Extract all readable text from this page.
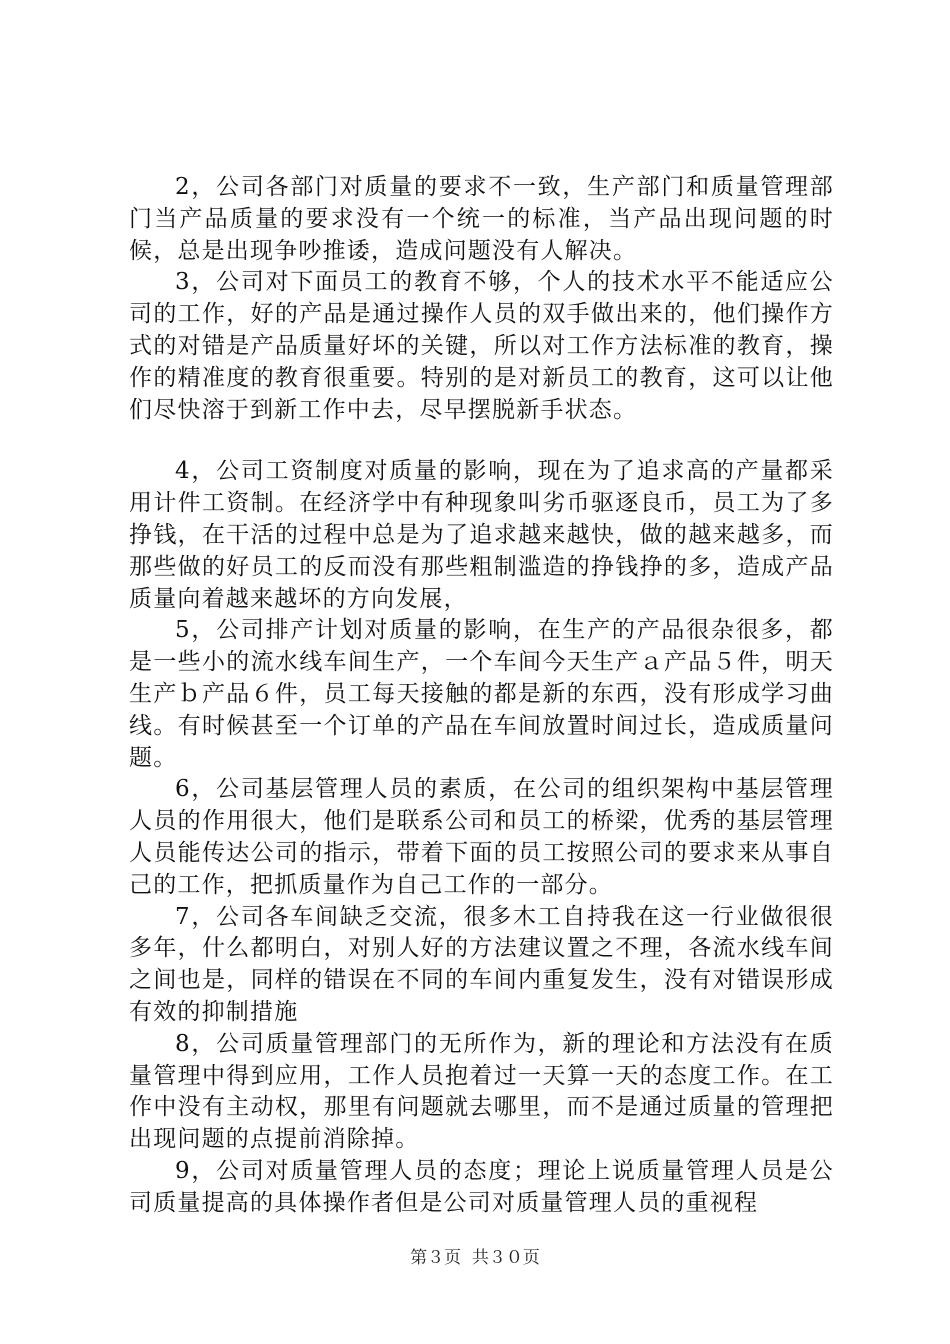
2，公司各部门对质量的要求不一致，生产部门和质量管理部门当产品质量的要求没有一个统一的标准，当产品出现问题的时候，总是出现争吵推诿，造成问题没有人解决。

3，公司对下面员工的教育不够，个人的技术水平不能适应公司的工作，好的产品是通过操作人员的双手做出来的，他们操作方式的对错是产品质量好坏的关键，所以对工作方法标准的教育，操作的精准度的教育很重要。特别的是对新员工的教育，这可以让他们尽快溶于到新工作中去，尽早摆脱新手状态。

4，公司工资制度对质量的影响，现在为了追求高的产量都采用计件工资制。在经济学中有种现象叫劣币驱逐良币，员工为了多挣钱，在干活的过程中总是为了追求越来越快，做的越来越多，而那些做的好员工的反而没有那些粗制滥造的挣钱挣的多，造成产品质量向着越来越坏的方向发展，

5，公司排产计划对质量的影响，在生产的产品很杂很多，都是一些小的流水线车间生产，一个车间今天生产ａ产品５件，明天生产ｂ产品６件，员工每天接触的都是新的东西，没有形成学习曲线。有时候甚至一个订单的产品在车间放置时间过长，造成质量问题。

6，公司基层管理人员的素质，在公司的组织架构中基层管理人员的作用很大，他们是联系公司和员工的桥梁，优秀的基层管理人员能传达公司的指示，带着下面的员工按照公司的要求来从事自己的工作，把抓质量作为自己工作的一部分。

7，公司各车间缺乏交流，很多木工自持我在这一行业做很很多年，什么都明白，对别人好的方法建议置之不理，各流水线车间之间也是，同样的错误在不同的车间内重复发生，没有对错误形成有效的抑制措施

8，公司质量管理部门的无所作为，新的理论和方法没有在质量管理中得到应用，工作人员抱着过一天算一天的态度工作。在工作中没有主动权，那里有问题就去哪里，而不是通过质量的管理把出现问题的点提前消除掉。

9，公司对质量管理人员的态度；理论上说质量管理人员是公司质量提高的具体操作者但是公司对质量管理人员的重视程

第３页 共３０页
